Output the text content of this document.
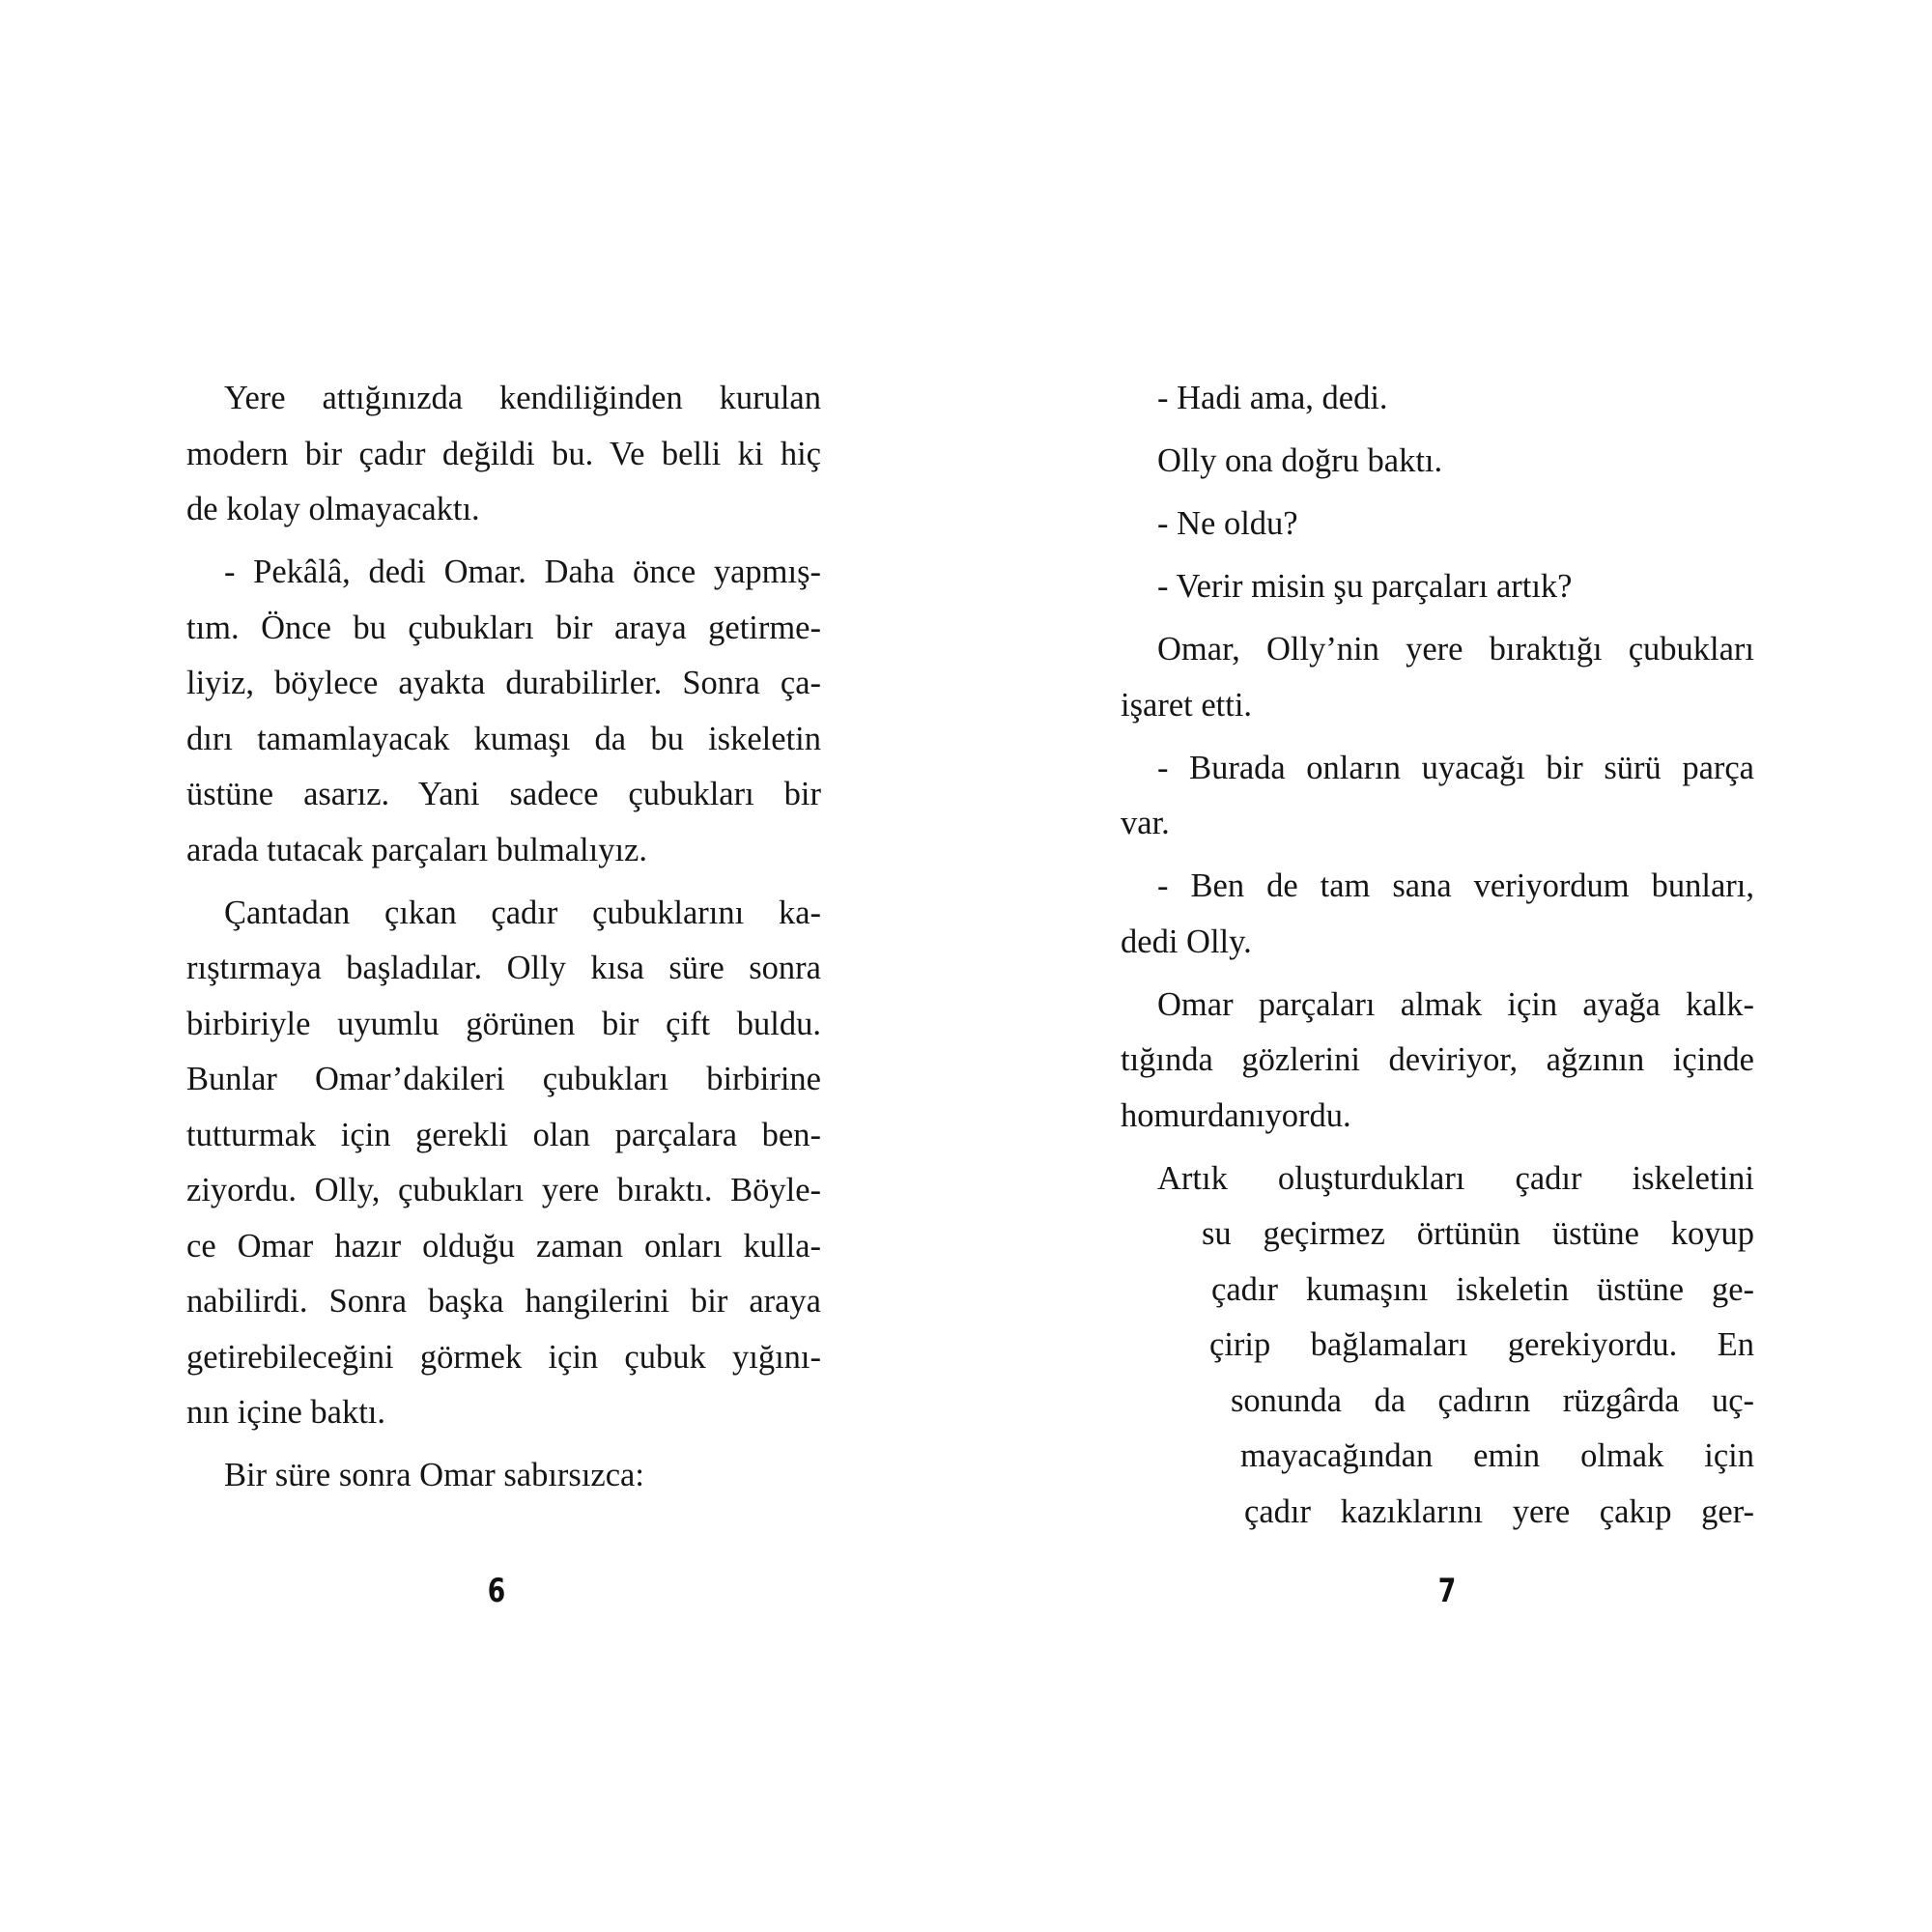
Yere attığınızda kendiliğinden kurulan

modern bir çadır değildi bu. Ve belli ki hiç

de kolay olmayacaktı.

- Pekâlâ, dedi Omar. Daha önce yapmış-

tım. Önce bu çubukları bir araya getirme-

liyiz, böylece ayakta durabilirler. Sonra ça-

dırı tamamlayacak kumaşı da bu iskeletin

üstüne asarız. Yani sadece çubukları bir

arada tutacak parçaları bulmalıyız.

Çantadan çıkan çadır çubuklarını ka-

rıştırmaya başladılar. Olly kısa süre sonra

birbiriyle uyumlu görünen bir çift buldu.

Bunlar Omar’dakileri çubukları birbirine

tutturmak için gerekli olan parçalara ben-

ziyordu. Olly, çubukları yere bıraktı. Böyle-

ce Omar hazır olduğu zaman onları kulla-

nabilirdi. Sonra başka hangilerini bir araya

getirebileceğini görmek için çubuk yığını-

nın içine baktı.

Bir süre sonra Omar sabırsızca:

6

- Hadi ama, dedi.

Olly ona doğru baktı.

- Ne oldu?

- Verir misin şu parçaları artık?

Omar, Olly’nin yere bıraktığı çubukları

işaret etti.

- Burada onların uyacağı bir sürü parça

var.

- Ben de tam sana veriyordum bunları,

dedi Olly.

Omar parçaları almak için ayağa kalk-

tığında gözlerini deviriyor, ağzının içinde

homurdanıyordu.

Artık oluşturdukları çadır iskeletini

su geçirmez örtünün üstüne koyup

çadır kumaşını iskeletin üstüne ge-

çirip bağlamaları gerekiyordu. En

sonunda da çadırın rüzgârda uç-

mayacağından emin olmak için

çadır kazıklarını yere çakıp ger-

7
